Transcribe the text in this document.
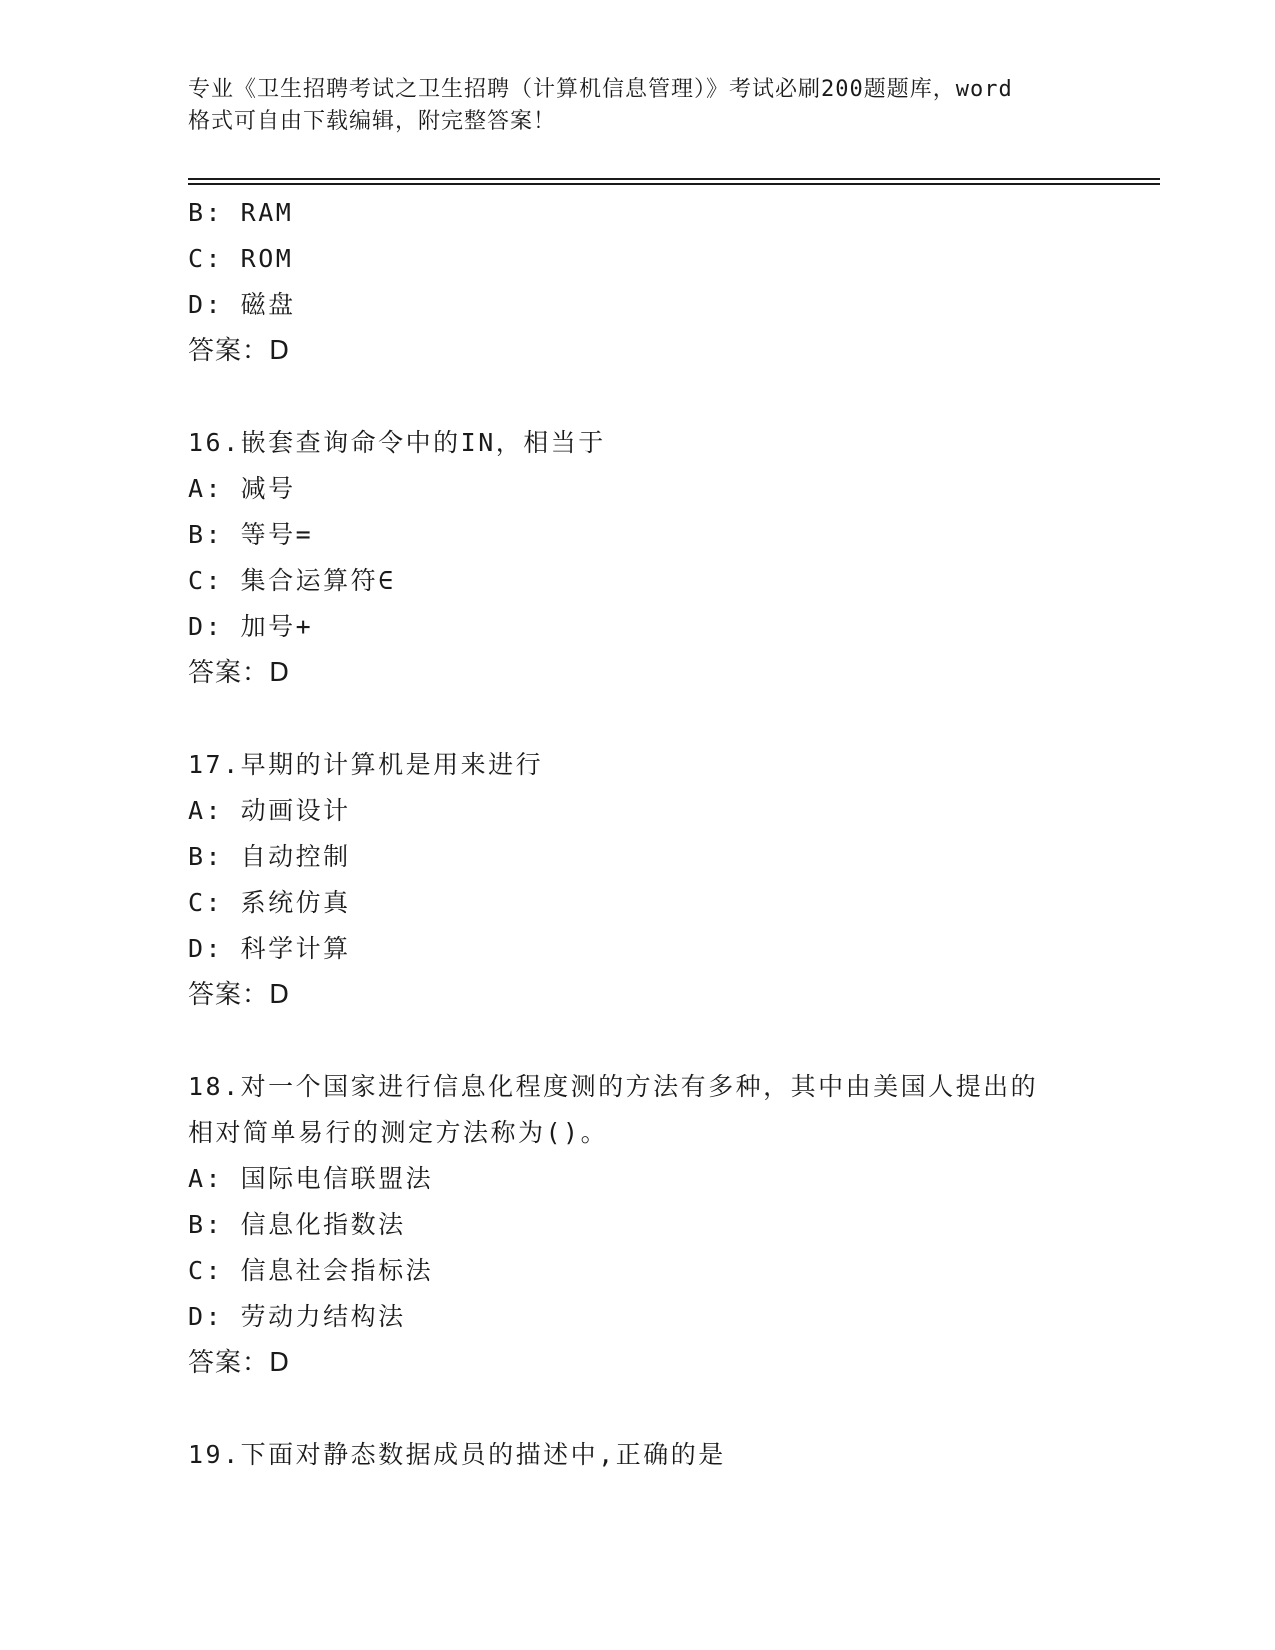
专业《卫生招聘考试之卫生招聘（计算机信息管理）》考试必刷200题题库，word
格式可自由下载编辑，附完整答案！
B: RAM
C: ROM
D: 磁盘
答案：D
16.嵌套查询命令中的IN，相当于
A: 减号
B: 等号=
C: 集合运算符∈
D: 加号+
答案：D
17.早期的计算机是用来进行
A: 动画设计
B: 自动控制
C: 系统仿真
D: 科学计算
答案：D
18.对一个国家进行信息化程度测的方法有多种，其中由美国人提出的
相对简单易行的测定方法称为()。
A: 国际电信联盟法
B: 信息化指数法
C: 信息社会指标法
D: 劳动力结构法
答案：D
19.下面对静态数据成员的描述中,正确的是
